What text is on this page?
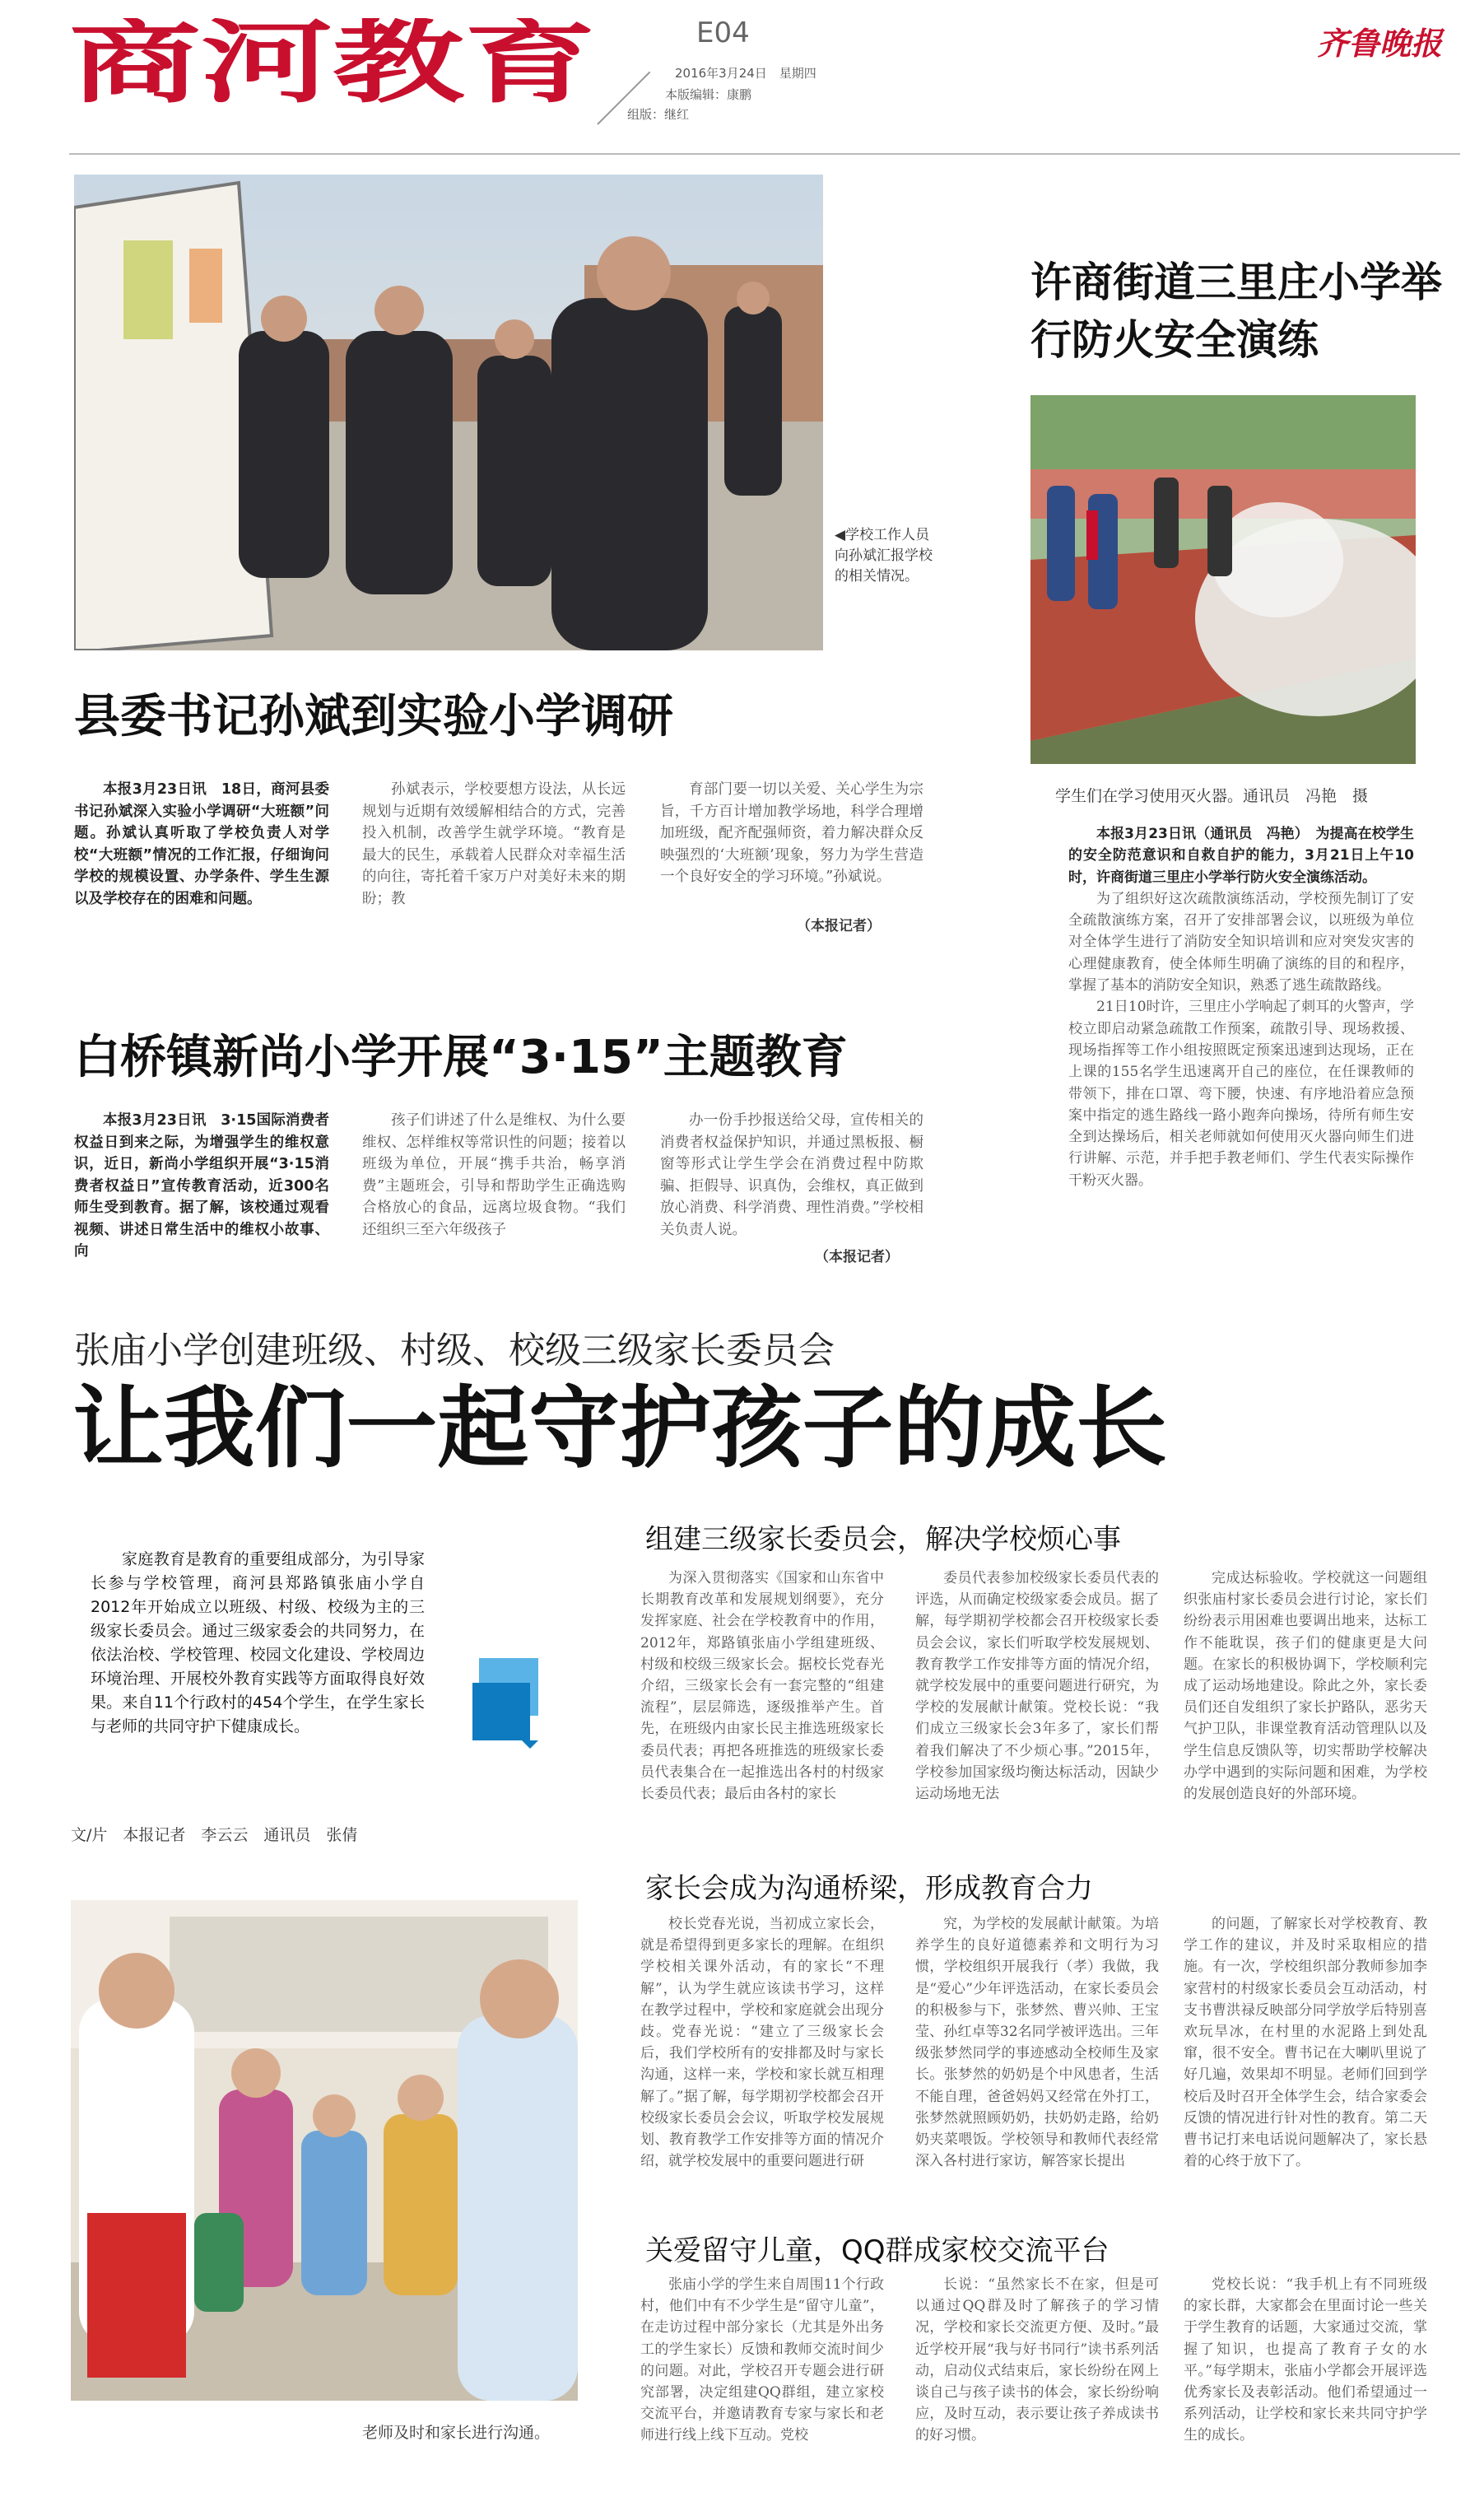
商河教育	E04
2016年3月24日　星期四
本版编辑：康鹏
组版：继红
齐鲁晚报
◀学校工作人员向孙斌汇报学校的相关情况。
县委书记孙斌到实验小学调研

本报3月23日讯　18日，商河县委书记孙斌深入实验小学调研“大班额”问题。孙斌认真听取了学校负责人对学校“大班额”情况的工作汇报，仔细询问学校的规模设置、办学条件、学生生源以及学校存在的困难和问题。

孙斌表示，学校要想方设法，从长远规划与近期有效缓解相结合的方式，完善投入机制，改善学生就学环境。“教育是最大的民生，承载着人民群众对幸福生活的向往，寄托着千家万户对美好未来的期盼；教

育部门要一切以关爱、关心学生为宗旨，千方百计增加教学场地，科学合理增加班级，配齐配强师资，着力解决群众反映强烈的‘大班额’现象，努力为学生营造一个良好安全的学习环境。”孙斌说。

（本报记者）
白桥镇新尚小学开展“3·15”主题教育

本报3月23日讯　3·15国际消费者权益日到来之际，为增强学生的维权意识，近日，新尚小学组织开展“3·15消费者权益日”宣传教育活动，近300名师生受到教育。据了解，该校通过观看视频、讲述日常生活中的维权小故事、向

孩子们讲述了什么是维权、为什么要维权、怎样维权等常识性的问题；接着以班级为单位，开展“携手共治，畅享消费”主题班会，引导和帮助学生正确选购合格放心的食品，远离垃圾食物。“我们还组织三至六年级孩子

办一份手抄报送给父母，宣传相关的消费者权益保护知识，并通过黑板报、橱窗等形式让学生学会在消费过程中防欺骗、拒假导、识真伪，会维权，真正做到放心消费、科学消费、理性消费。”学校相关负责人说。

（本报记者）
许商街道三里庄小学举行防火安全演练
学生们在学习使用灭火器。通讯员　冯艳　摄

本报3月23日讯（通讯员　冯艳）　为提高在校学生的安全防范意识和自救自护的能力，3月21日上午10时，许商街道三里庄小学举行防火安全演练活动。

为了组织好这次疏散演练活动，学校预先制订了安全疏散演练方案，召开了安排部署会议，以班级为单位对全体学生进行了消防安全知识培训和应对突发灾害的心理健康教育，使全体师生明确了演练的目的和程序，掌握了基本的消防安全知识，熟悉了逃生疏散路线。

21日10时许，三里庄小学响起了刺耳的火警声，学校立即启动紧急疏散工作预案，疏散引导、现场救援、现场指挥等工作小组按照既定预案迅速到达现场，正在上课的155名学生迅速离开自己的座位，在任课教师的带领下，排在口罩、弯下腰，快速、有序地沿着应急预案中指定的逃生路线一路小跑奔向操场，待所有师生安全到达操场后，相关老师就如何使用灭火器向师生们进行讲解、示范，并手把手教老师们、学生代表实际操作干粉灭火器。

张庙小学创建班级、村级、校级三级家长委员会
让我们一起守护孩子的成长
家庭教育是教育的重要组成部分，为引导家长参与学校管理，商河县郑路镇张庙小学自2012年开始成立以班级、村级、校级为主的三级家长委员会。通过三级家委会的共同努力，在依法治校、学校管理、校园文化建设、学校周边环境治理、开展校外教育实践等方面取得良好效果。来自11个行政村的454个学生，在学生家长与老师的共同守护下健康成长。
文/片　本报记者　李云云　通讯员　张倩
老师及时和家长进行沟通。
组建三级家长委员会，解决学校烦心事

为深入贯彻落实《国家和山东省中长期教育改革和发展规划纲要》，充分发挥家庭、社会在学校教育中的作用，2012年，郑路镇张庙小学组建班级、村级和校级三级家长会。据校长党春光介绍，三级家长会有一套完整的“组建流程”，层层筛选，逐级推举产生。首先，在班级内由家长民主推选班级家长委员代表；再把各班推选的班级家长委员代表集合在一起推选出各村的村级家长委员代表；最后由各村的家长

委员代表参加校级家长委员代表的评选，从而确定校级家委会成员。据了解，每学期初学校都会召开校级家长委员会会议，家长们听取学校发展规划、教育教学工作安排等方面的情况介绍，就学校发展中的重要问题进行研究，为学校的发展献计献策。党校长说：“我们成立三级家长会3年多了，家长们帮着我们解决了不少烦心事。”2015年，学校参加国家级均衡达标活动，因缺少运动场地无法

完成达标验收。学校就这一问题组织张庙村家长委员会进行讨论，家长们纷纷表示用困难也要调出地来，达标工作不能耽误，孩子们的健康更是大问题。在家长的积极协调下，学校顺利完成了运动场地建设。除此之外，家长委员们还自发组织了家长护路队，恶劣天气护卫队，非课堂教育活动管理队以及学生信息反馈队等，切实帮助学校解决办学中遇到的实际问题和困难，为学校的发展创造良好的外部环境。

家长会成为沟通桥梁，形成教育合力

校长党春光说，当初成立家长会，就是希望得到更多家长的理解。在组织学校相关课外活动，有的家长“不理解”，认为学生就应该读书学习，这样在教学过程中，学校和家庭就会出现分歧。党春光说：“建立了三级家长会后，我们学校所有的安排都及时与家长沟通，这样一来，学校和家长就互相理解了。”据了解，每学期初学校都会召开校级家长委员会会议，听取学校发展规划、教育教学工作安排等方面的情况介绍，就学校发展中的重要问题进行研

究，为学校的发展献计献策。为培养学生的良好道德素养和文明行为习惯，学校组织开展我行（孝）我做，我是“爱心”少年评选活动，在家长委员会的积极参与下，张梦然、曹兴帅、王宝莹、孙红卓等32名同学被评选出。三年级张梦然同学的事迹感动全校师生及家长。张梦然的奶奶是个中风患者，生活不能自理，爸爸妈妈又经常在外打工，张梦然就照顾奶奶，扶奶奶走路，给奶奶夹菜喂饭。学校领导和教师代表经常深入各村进行家访，解答家长提出

的问题，了解家长对学校教育、教学工作的建议，并及时采取相应的措施。有一次，学校组织部分教师参加李家营村的村级家长委员会互动活动，村支书曹洪禄反映部分同学放学后特别喜欢玩旱冰，在村里的水泥路上到处乱窜，很不安全。曹书记在大喇叭里说了好几遍，效果却不明显。老师们回到学校后及时召开全体学生会，结合家委会反馈的情况进行针对性的教育。第二天曹书记打来电话说问题解决了，家长悬着的心终于放下了。

关爱留守儿童，QQ群成家校交流平台

张庙小学的学生来自周围11个行政村，他们中有不少学生是“留守儿童”，在走访过程中部分家长（尤其是外出务工的学生家长）反馈和教师交流时间少的问题。对此，学校召开专题会进行研究部署，决定组建QQ群组，建立家校交流平台，并邀请教育专家与家长和老师进行线上线下互动。党校

长说：“虽然家长不在家，但是可以通过QQ群及时了解孩子的学习情况，学校和家长交流更方便、及时。”最近学校开展“我与好书同行”读书系列活动，启动仪式结束后，家长纷纷在网上谈自己与孩子读书的体会，家长纷纷响应，及时互动，表示要让孩子养成读书的好习惯。

党校长说：“我手机上有不同班级的家长群，大家都会在里面讨论一些关于学生教育的话题，大家通过交流，掌握了知识，也提高了教育子女的水平。”每学期末，张庙小学都会开展评选优秀家长及表彰活动。他们希望通过一系列活动，让学校和家长来共同守护学生的成长。
